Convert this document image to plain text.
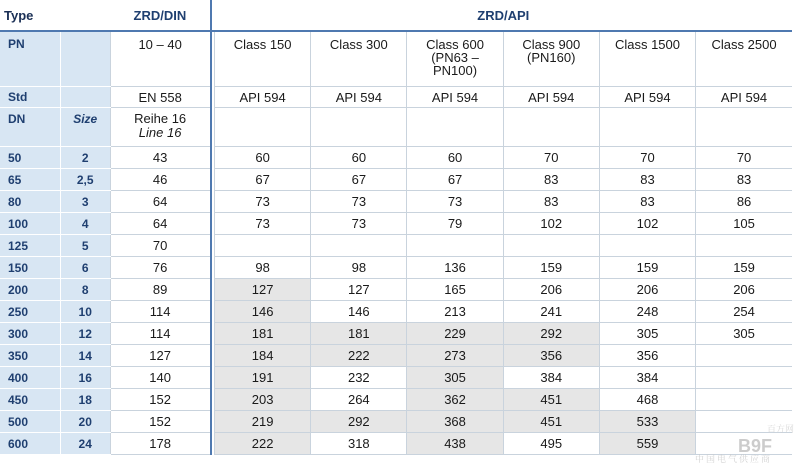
Type		ZRD/DIN		ZRD/API					
PN		10 – 40		Class 150	Class 300	Class 600 (PN63 – PN100)	Class 900 (PN160)	Class 1500	Class 2500
Std		EN 558		API 594	API 594	API 594	API 594	API 594	API 594
DN	Size	Reihe 16
Line 16							

50	2	43		60	60	60	70	70	70
65	2,5	46		67	67	67	83	83	83
80	3	64		73	73	73	83	83	86
100	4	64		73	73	79	102	102	105
125	5	70							
150	6	76		98	98	136	159	159	159
200	8	89		127	127	165	206	206	206
250	10	114		146	146	213	241	248	254
300	12	114		181	181	229	292	305	305
350	14	127		184	222	273	356	356	
400	16	140		191	232	305	384	384	
450	18	152		203	264	362	451	468	
500	20	152		219	292	368	451	533	
600	24	178		222	318	438	495	559		B9F
中国电气供应商
百方网
